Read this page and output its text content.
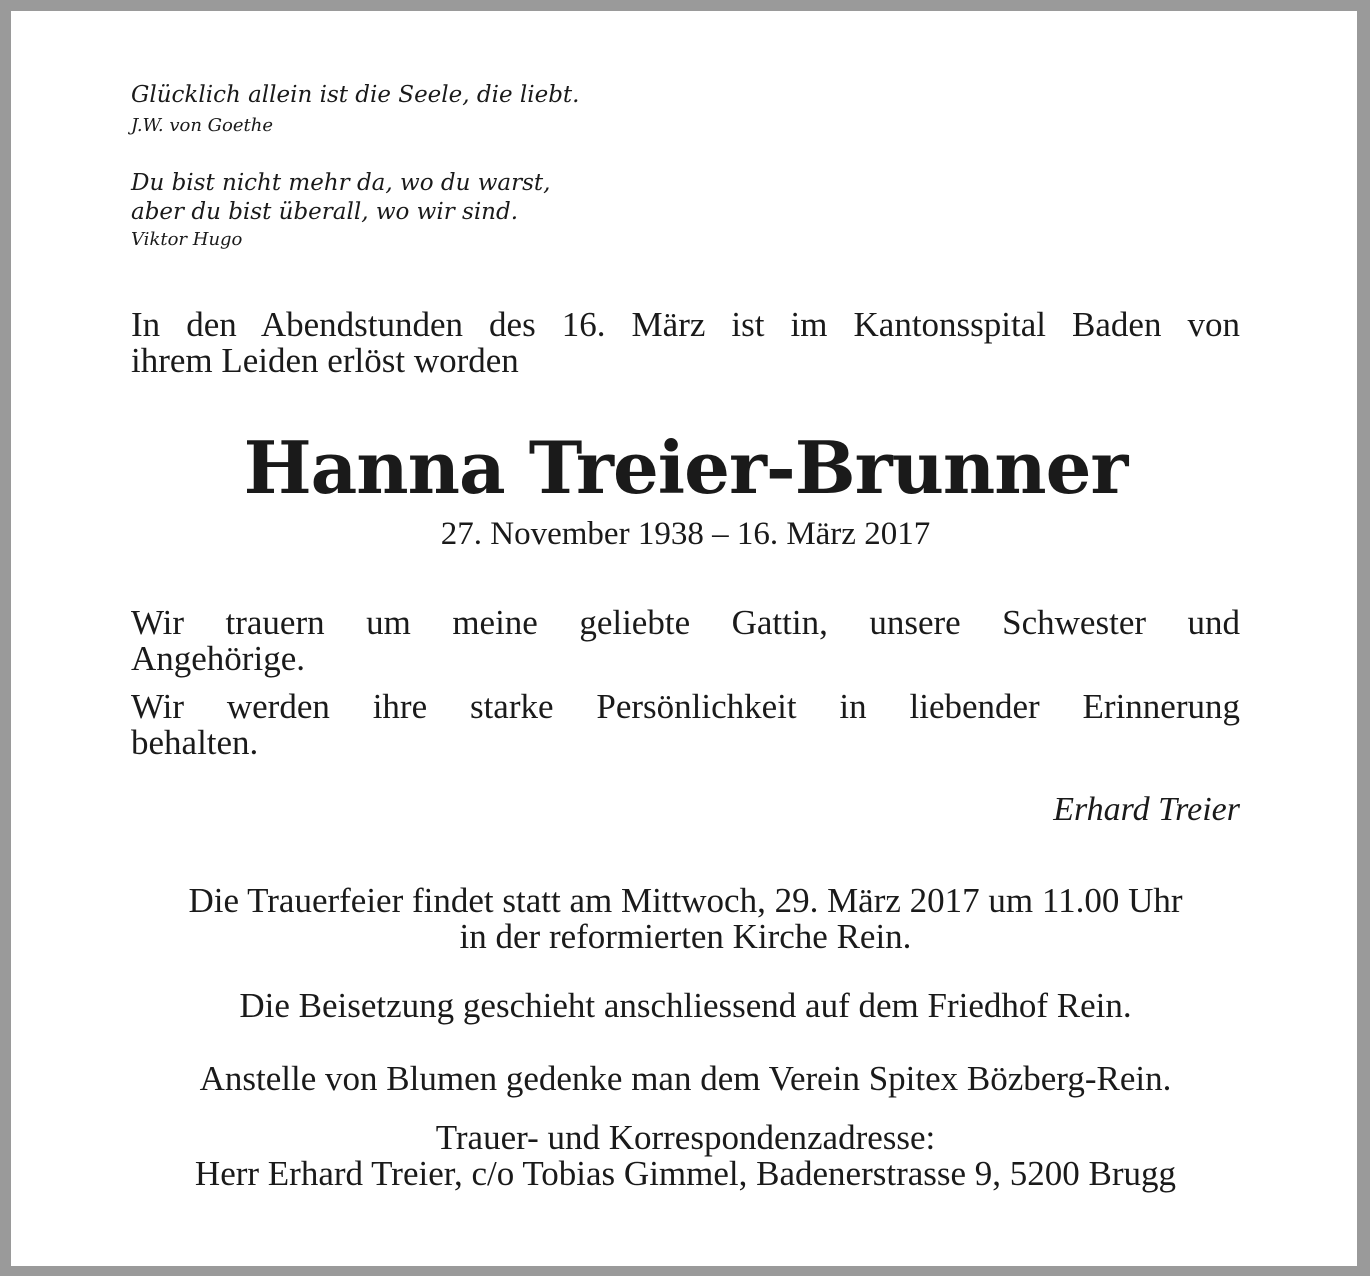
Glücklich allein ist die Seele, die liebt.

J.W. von Goethe

Du bist nicht mehr da, wo du warst,

aber du bist überall, wo wir sind.

Viktor Hugo

In den Abendstunden des 16. März ist im Kantonsspital Baden von

ihrem Leiden erlöst worden

Hanna Treier-Brunner

27. November 1938 – 16. März 2017

Wir trauern um meine geliebte Gattin, unsere Schwester und

Angehörige.

Wir werden ihre starke Persönlichkeit in liebender Erinnerung

behalten.

Erhard Treier

Die Trauerfeier findet statt am Mittwoch, 29. März 2017 um 11.00 Uhr

in der reformierten Kirche Rein.

Die Beisetzung geschieht anschliessend auf dem Friedhof Rein.

Anstelle von Blumen gedenke man dem Verein Spitex Bözberg-Rein.

Trauer- und Korrespondenzadresse:

Herr Erhard Treier, c/o Tobias Gimmel, Badenerstrasse 9, 5200 Brugg
